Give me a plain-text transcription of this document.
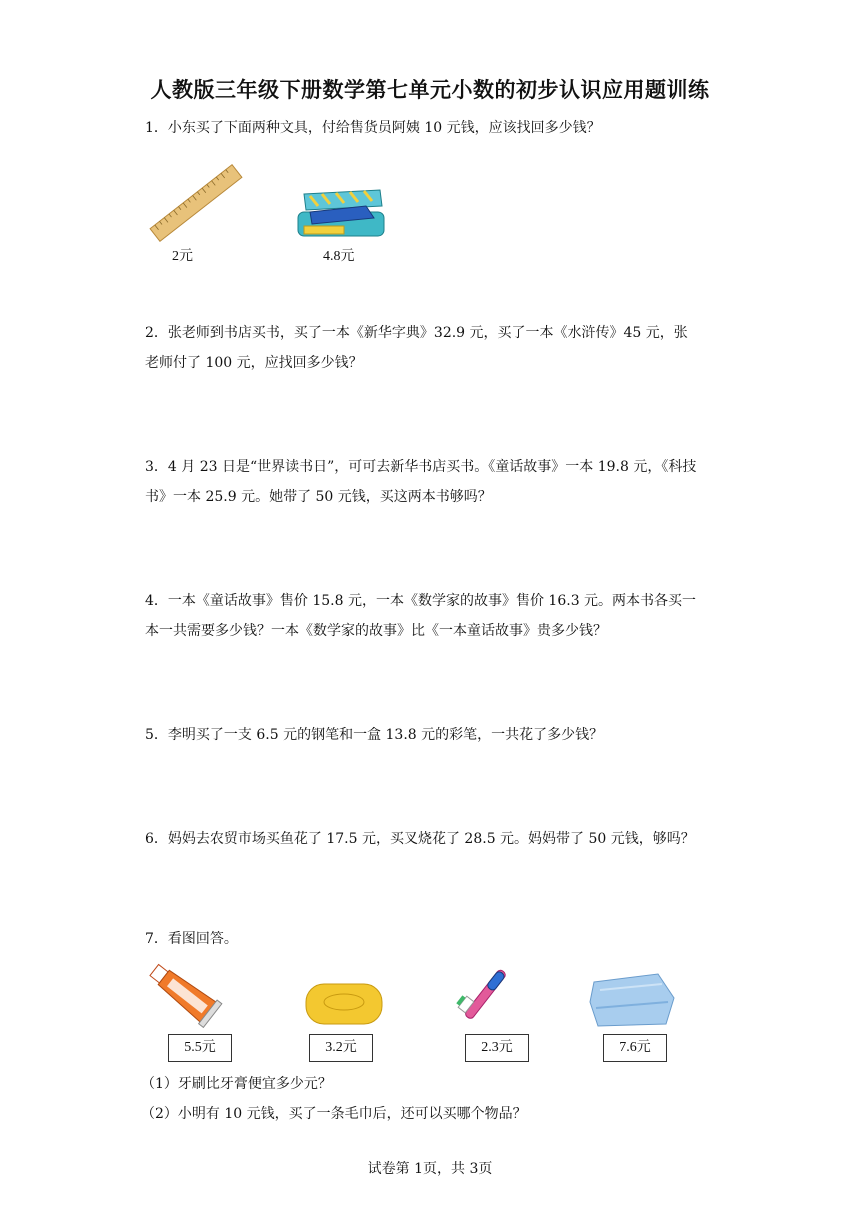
人教版三年级下册数学第七单元小数的初步认识应用题训练

1．小东买了下面两种文具，付给售货员阿姨 10 元钱，应该找回多少钱？

2元	4.8元

2．张老师到书店买书，买了一本《新华字典》32.9 元，买了一本《水浒传》45 元，张

老师付了 100 元，应找回多少钱？

3．4 月 23 日是“世界读书日”，可可去新华书店买书。《童话故事》一本 19.8 元，《科技

书》一本 25.9 元。她带了 50 元钱，买这两本书够吗？

4．一本《童话故事》售价 15.8 元，一本《数学家的故事》售价 16.3 元。两本书各买一

本一共需要多少钱？一本《数学家的故事》比《一本童话故事》贵多少钱？

5．李明买了一支 6.5 元的钢笔和一盒 13.8 元的彩笔，一共花了多少钱？

6．妈妈去农贸市场买鱼花了 17.5 元，买叉烧花了 28.5 元。妈妈带了 50 元钱，够吗？

7．看图回答。

5.5元	3.2元	2.3元	7.6元

（1）牙刷比牙膏便宜多少元？

（2）小明有 10 元钱，买了一条毛巾后，还可以买哪个物品？

试卷第 1页，共 3页
